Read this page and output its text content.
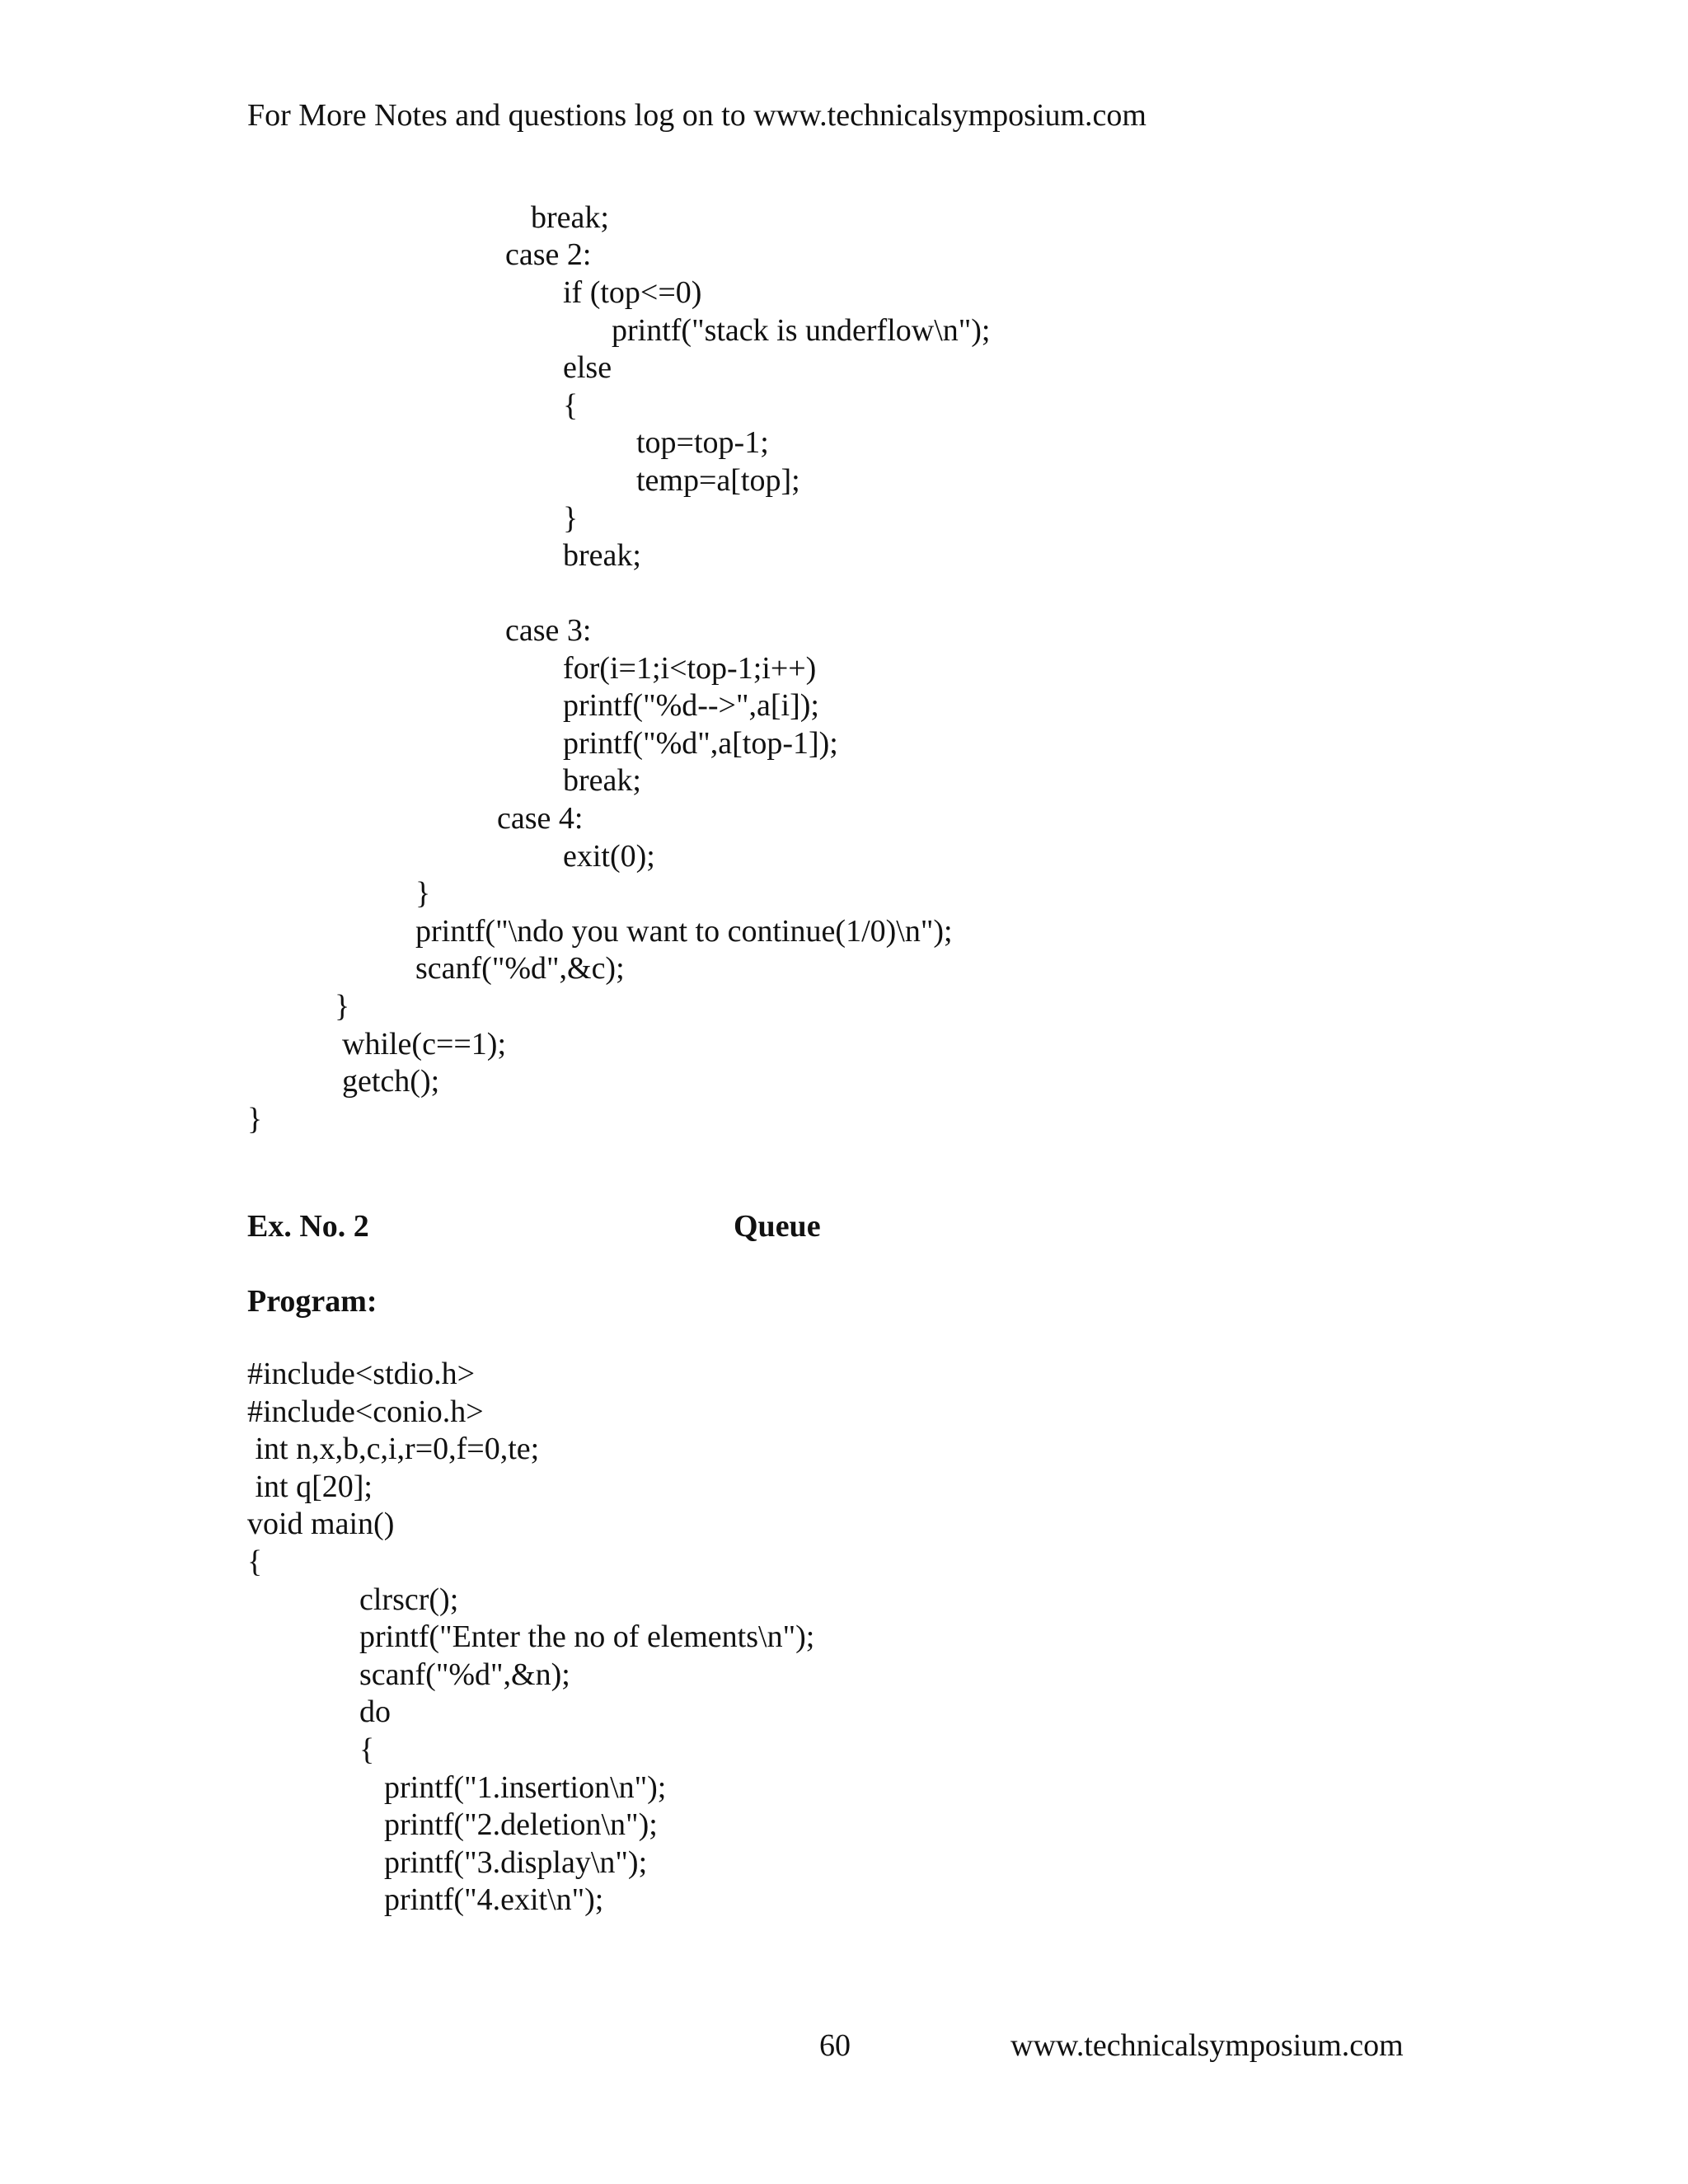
For More Notes and questions log on to www.technicalsymposium.com
break;
case 2:
if (top<=0)
printf("stack is underflow\n");
else
{
top=top-1;
temp=a[top];
}
break;
case 3:
for(i=1;i<top-1;i++)
printf("%d-->",a[i]);
printf("%d",a[top-1]);
break;
case 4:
exit(0);
}
printf("\ndo you want to continue(1/0)\n");
scanf("%d",&c);
}
while(c==1);
getch();
}
Ex. No. 2	Queue
Program:
#include<stdio.h>
#include<conio.h>
int n,x,b,c,i,r=0,f=0,te;
int q[20];
void main()
{
clrscr();
printf("Enter the no of elements\n");
scanf("%d",&n);
do
{
printf("1.insertion\n");
printf("2.deletion\n");
printf("3.display\n");
printf("4.exit\n");
60	www.technicalsymposium.com
